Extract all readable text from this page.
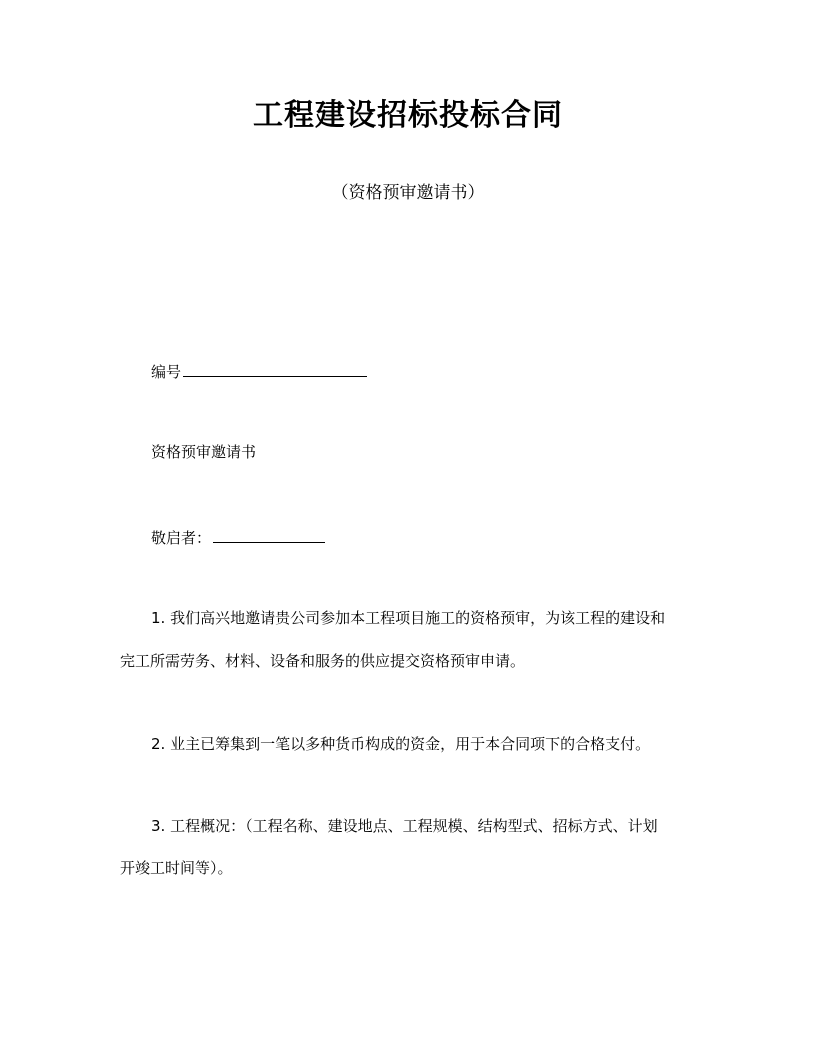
工程建设招标投标合同
（资格预审邀请书）
编号
资格预审邀请书
敬启者：
1. 我们高兴地邀请贵公司参加本工程项目施工的资格预审，为该工程的建设和
完工所需劳务、材料、设备和服务的供应提交资格预审申请。
2. 业主已筹集到一笔以多种货币构成的资金，用于本合同项下的合格支付。
3. 工程概况：（工程名称、建设地点、工程规模、结构型式、招标方式、计划
开竣工时间等）。
